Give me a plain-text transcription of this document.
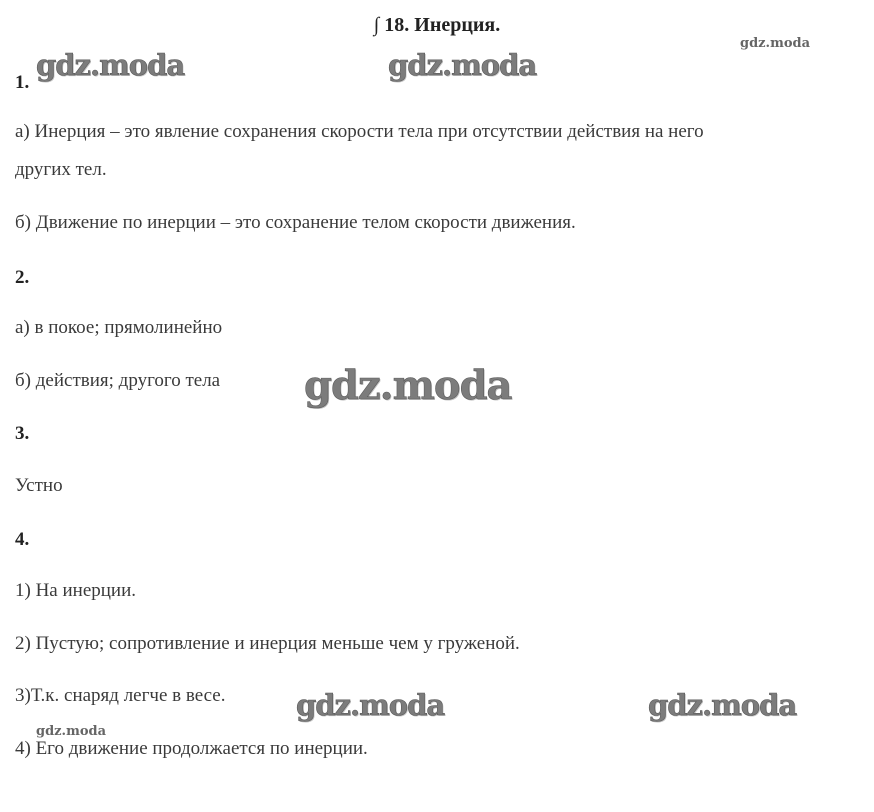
∫ 18. Инерция.
gdz.moda
gdz.moda	gdz.moda
gdz.moda
gdz.moda	gdz.moda
gdz.moda
1.
а) Инерция – это явление сохранения скорости тела при отсутствии действия на него
других тел.
б) Движение по инерции – это сохранение телом скорости движения.
2.
а) в покое; прямолинейно
б) действия; другого тела
3.
Устно
4.
1) На инерции.
2) Пустую; сопротивление и инерция меньше чем у груженой.
3)Т.к. снаряд легче в весе.
4) Его движение продолжается по инерции.
